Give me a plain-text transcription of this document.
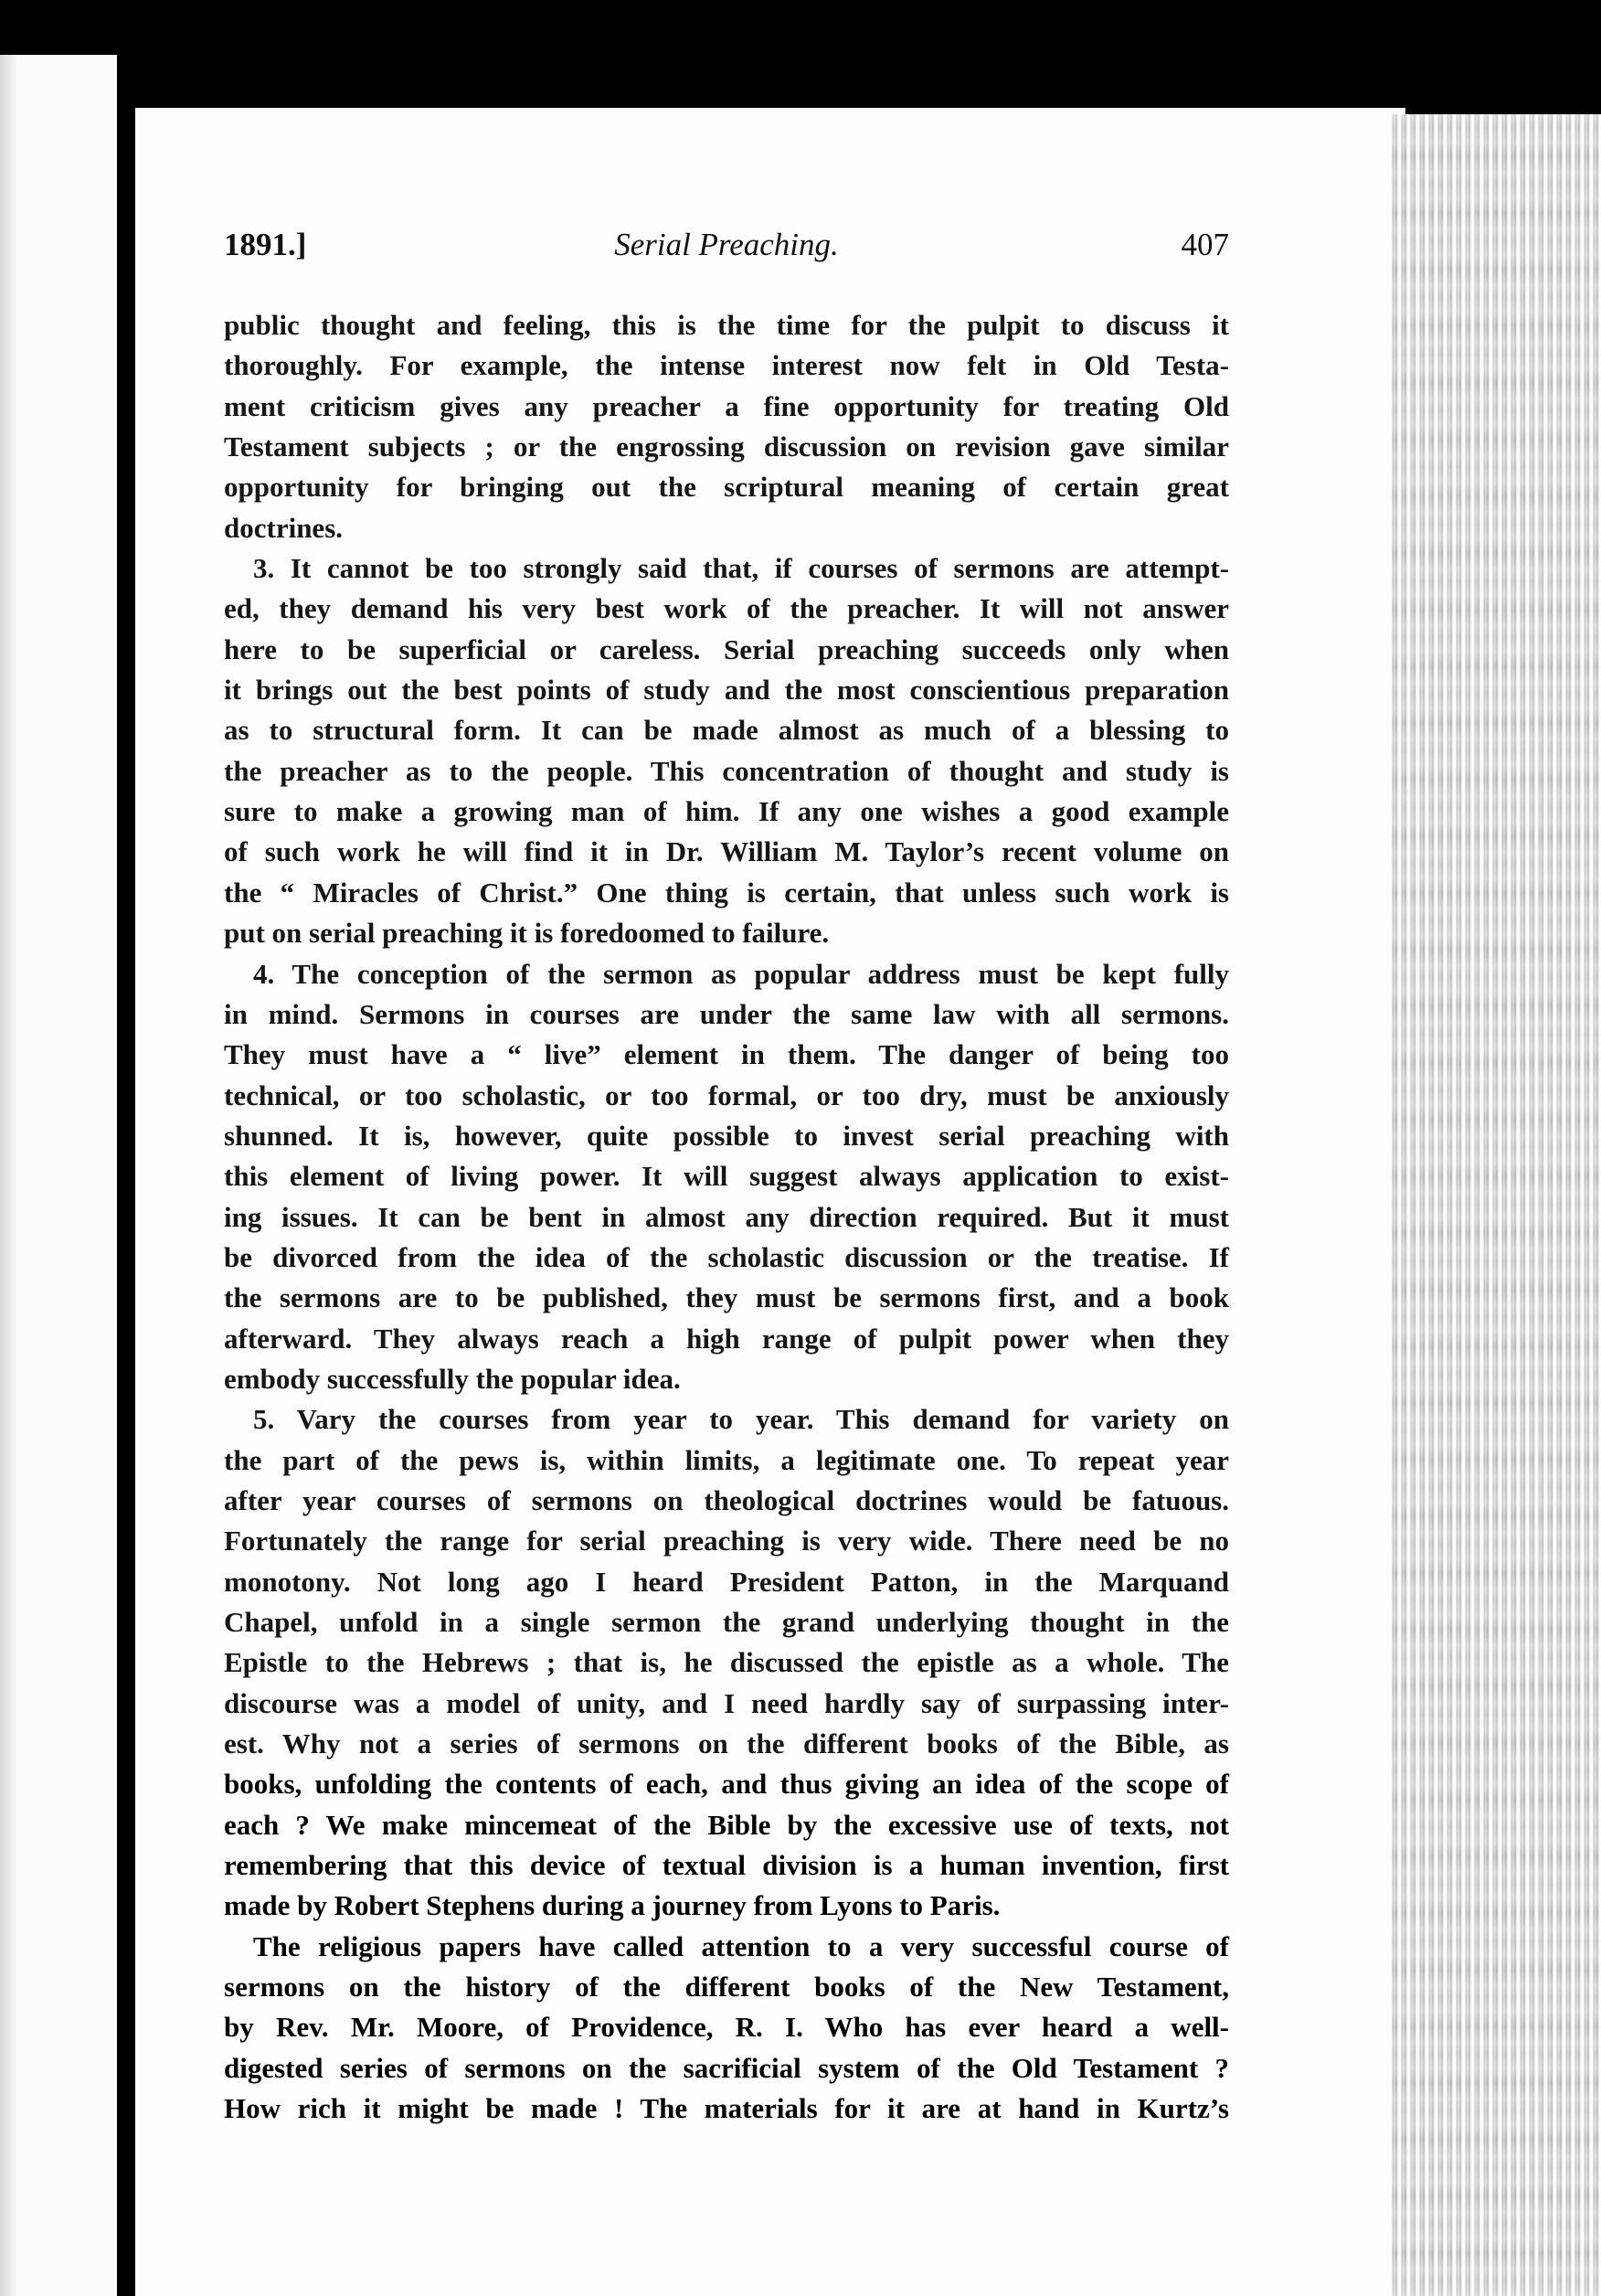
1891.]	Serial Preaching.	407
public thought and feeling, this is the time for the pulpit to discuss it
thoroughly. For example, the intense interest now felt in Old Testa-
ment criticism gives any preacher a fine opportunity for treating Old
Testament subjects ; or the engrossing discussion on revision gave similar
opportunity for bringing out the scriptural meaning of certain great
doctrines.
3. It cannot be too strongly said that, if courses of sermons are attempt-
ed, they demand his very best work of the preacher. It will not answer
here to be superficial or careless. Serial preaching succeeds only when
it brings out the best points of study and the most conscientious preparation
as to structural form. It can be made almost as much of a blessing to
the preacher as to the people. This concentration of thought and study is
sure to make a growing man of him. If any one wishes a good example
of such work he will find it in Dr. William M. Taylor’s recent volume on
the “ Miracles of Christ.” One thing is certain, that unless such work is
put on serial preaching it is foredoomed to failure.
4. The conception of the sermon as popular address must be kept fully
in mind. Sermons in courses are under the same law with all sermons.
They must have a “ live” element in them. The danger of being too
technical, or too scholastic, or too formal, or too dry, must be anxiously
shunned. It is, however, quite possible to invest serial preaching with
this element of living power. It will suggest always application to exist-
ing issues. It can be bent in almost any direction required. But it must
be divorced from the idea of the scholastic discussion or the treatise. If
the sermons are to be published, they must be sermons first, and a book
afterward. They always reach a high range of pulpit power when they
embody successfully the popular idea.
5. Vary the courses from year to year. This demand for variety on
the part of the pews is, within limits, a legitimate one. To repeat year
after year courses of sermons on theological doctrines would be fatuous.
Fortunately the range for serial preaching is very wide. There need be no
monotony. Not long ago I heard President Patton, in the Marquand
Chapel, unfold in a single sermon the grand underlying thought in the
Epistle to the Hebrews ; that is, he discussed the epistle as a whole. The
discourse was a model of unity, and I need hardly say of surpassing inter-
est. Why not a series of sermons on the different books of the Bible, as
books, unfolding the contents of each, and thus giving an idea of the scope of
each ? We make mincemeat of the Bible by the excessive use of texts, not
remembering that this device of textual division is a human invention, first
made by Robert Stephens during a journey from Lyons to Paris.
The religious papers have called attention to a very successful course of
sermons on the history of the different books of the New Testament,
by Rev. Mr. Moore, of Providence, R. I. Who has ever heard a well-
digested series of sermons on the sacrificial system of the Old Testament ?
How rich it might be made ! The materials for it are at hand in Kurtz’s
